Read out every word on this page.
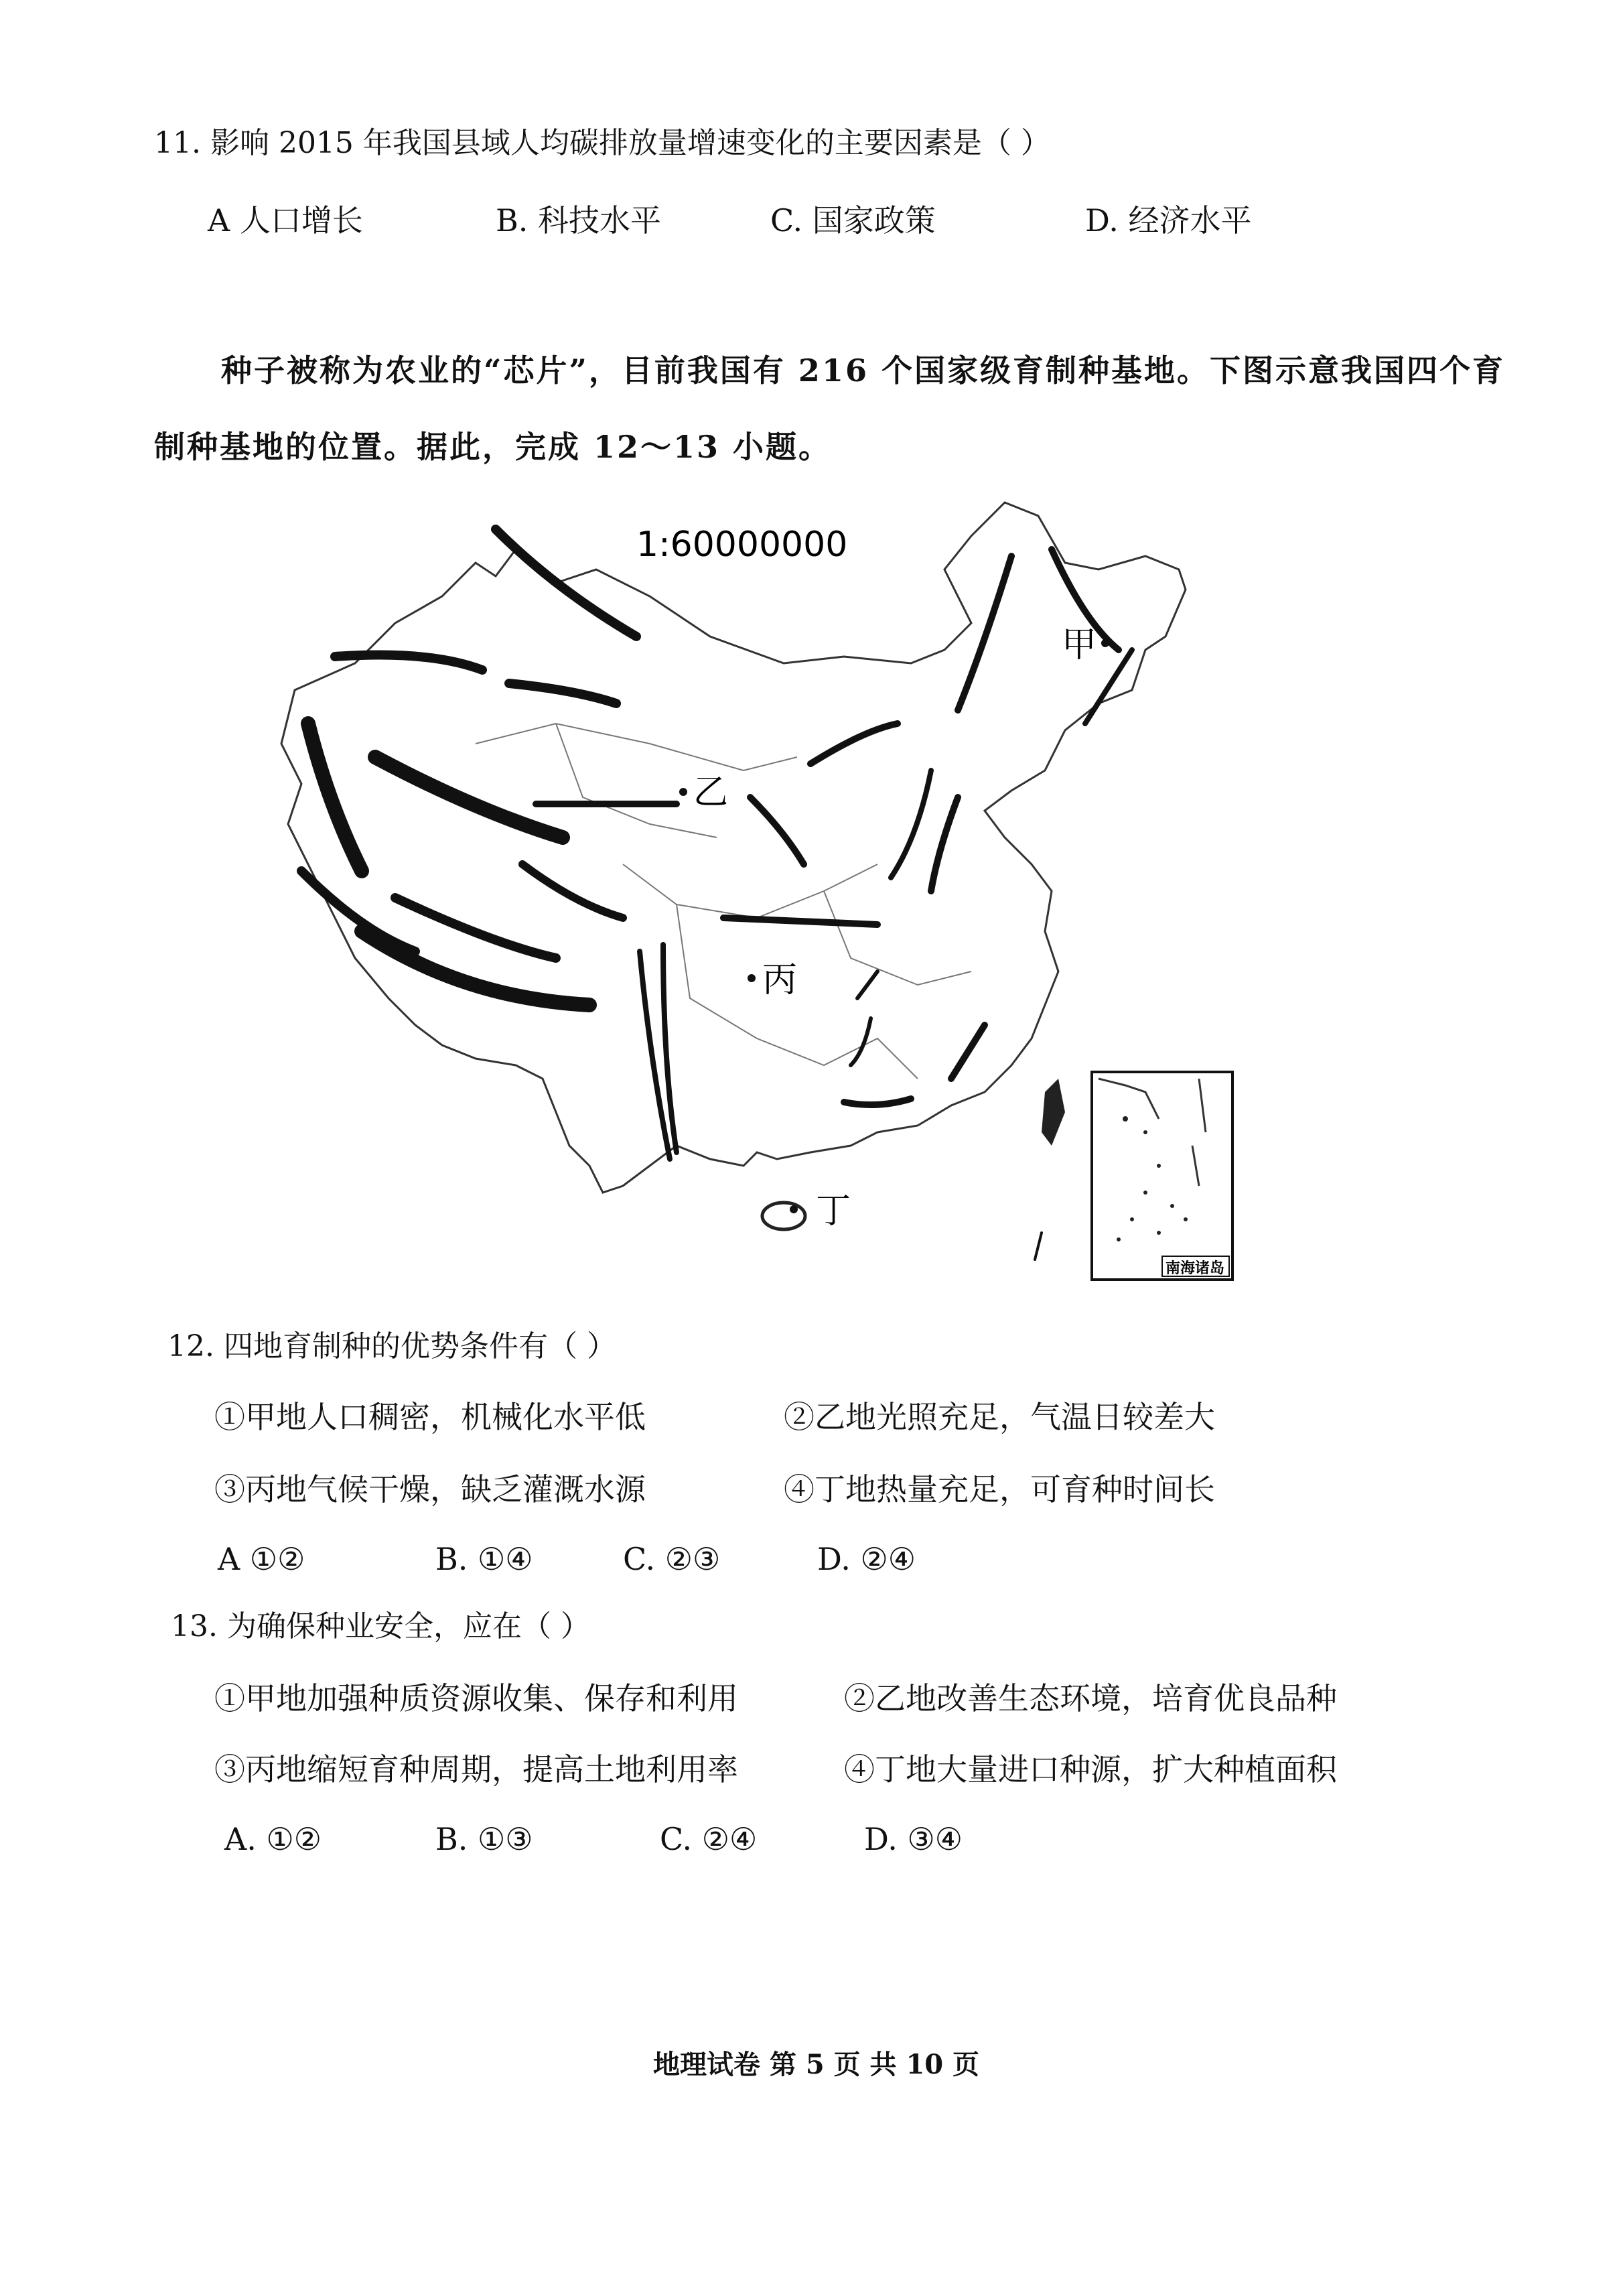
11. 影响 2015 年我国县域人均碳排放量增速变化的主要因素是（ ）
A 人口增长	B. 科技水平	C. 国家政策	D. 经济水平
种子被称为农业的“芯片”，目前我国有 216 个国家级育制种基地。下图示意我国四个育
制种基地的位置。据此，完成 12～13 小题。
1:60000000
甲
乙
丙
丁
南海诸岛
12. 四地育制种的优势条件有（ ）
①甲地人口稠密，机械化水平低	②乙地光照充足，气温日较差大
③丙地气候干燥，缺乏灌溉水源	④丁地热量充足，可育种时间长
A ①②	B. ①④	C. ②③	D. ②④
13. 为确保种业安全，应在（ ）
①甲地加强种质资源收集、保存和利用	②乙地改善生态环境，培育优良品种
③丙地缩短育种周期，提高土地利用率	④丁地大量进口种源，扩大种植面积
A. ①②	B. ①③	C. ②④	D. ③④
地理试卷 第 5 页 共 10 页
